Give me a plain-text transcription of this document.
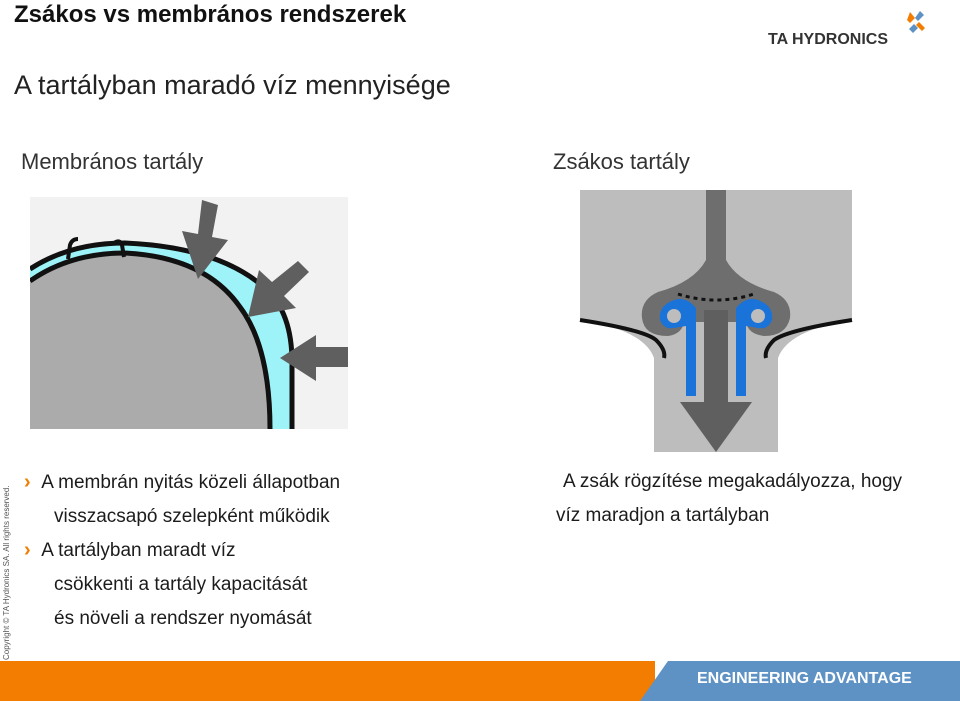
Zsákos vs membrános rendszerek
A tartályban maradó víz mennyisége
TA HYDRONICS
Membrános tartály	Zsákos tartály
› A membrán nyitás közeli állapotban
visszacsapó szelepként működik
› A tartályban maradt víz
csökkenti a tartály kapacitását
és növeli a rendszer nyomását
A zsák rögzítése megakadályozza, hogy
víz maradjon a tartályban
Copyright © TA Hydronics SA. All rights reserved.
ENGINEERING ADVANTAGE
